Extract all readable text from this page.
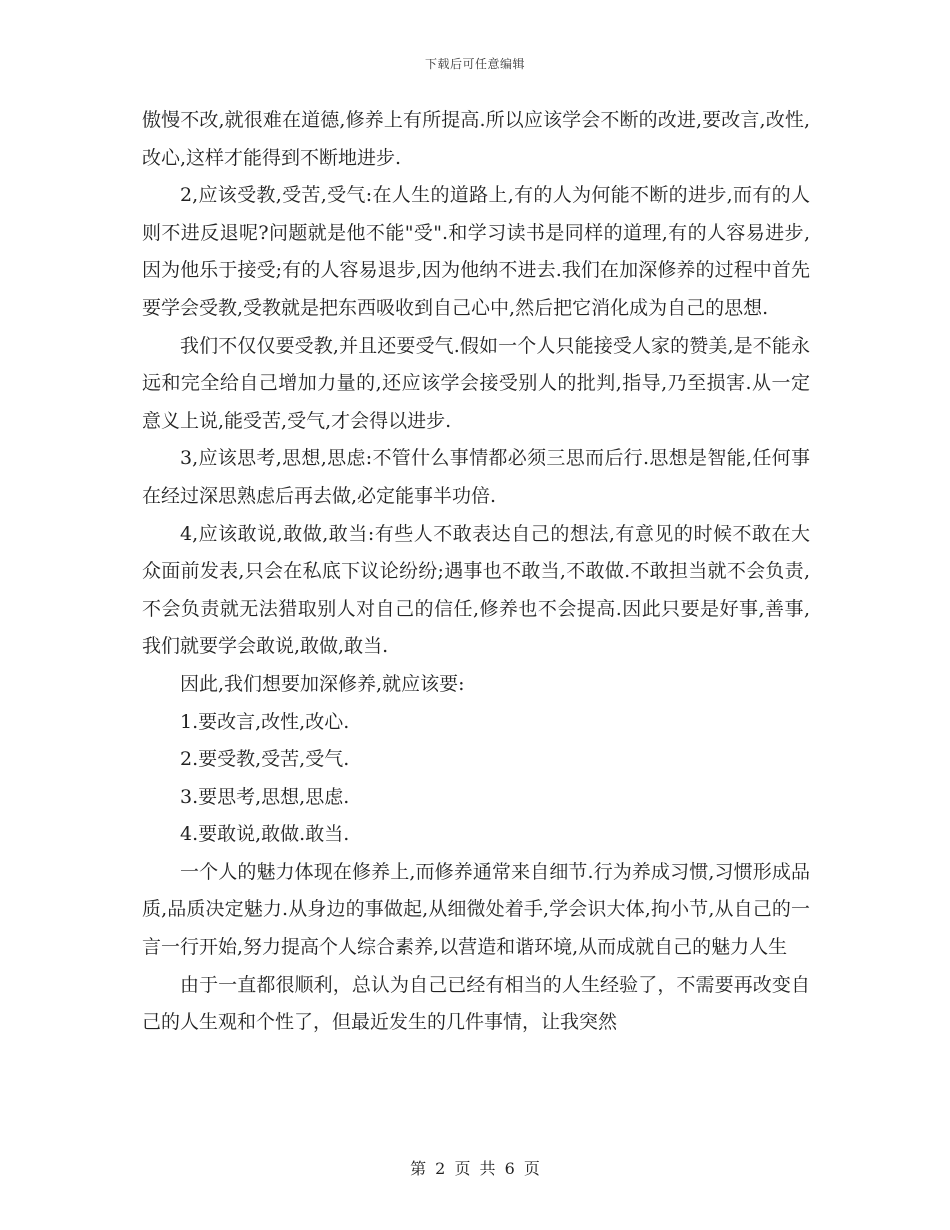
下载后可任意编辑

傲慢不改,就很难在道德,修养上有所提高.所以应该学会不断的改进,要改言,改性,改心,这样才能得到不断地进步.

2,应该受教,受苦,受气:在人生的道路上,有的人为何能不断的进步,而有的人则不进反退呢?问题就是他不能"受".和学习读书是同样的道理,有的人容易进步,因为他乐于接受;有的人容易退步,因为他纳不进去.我们在加深修养的过程中首先要学会受教,受教就是把东西吸收到自己心中,然后把它消化成为自己的思想.

我们不仅仅要受教,并且还要受气.假如一个人只能接受人家的赞美,是不能永远和完全给自己增加力量的,还应该学会接受别人的批判,指导,乃至损害.从一定意义上说,能受苦,受气,才会得以进步.

3,应该思考,思想,思虑:不管什么事情都必须三思而后行.思想是智能,任何事在经过深思熟虑后再去做,必定能事半功倍.

4,应该敢说,敢做,敢当:有些人不敢表达自己的想法,有意见的时候不敢在大众面前发表,只会在私底下议论纷纷;遇事也不敢当,不敢做.不敢担当就不会负责,不会负责就无法猎取别人对自己的信任,修养也不会提高.因此只要是好事,善事,我们就要学会敢说,敢做,敢当.

因此,我们想要加深修养,就应该要:

1.要改言,改性,改心.

2.要受教,受苦,受气.

3.要思考,思想,思虑.

4.要敢说,敢做.敢当.

一个人的魅力体现在修养上,而修养通常来自细节.行为养成习惯,习惯形成品质,品质决定魅力.从身边的事做起,从细微处着手,学会识大体,拘小节,从自己的一言一行开始,努力提高个人综合素养,以营造和谐环境,从而成就自己的魅力人生

由于一直都很顺利，总认为自己已经有相当的人生经验了，不需要再改变自己的人生观和个性了，但最近发生的几件事情，让我突然

第 2 页 共 6 页
